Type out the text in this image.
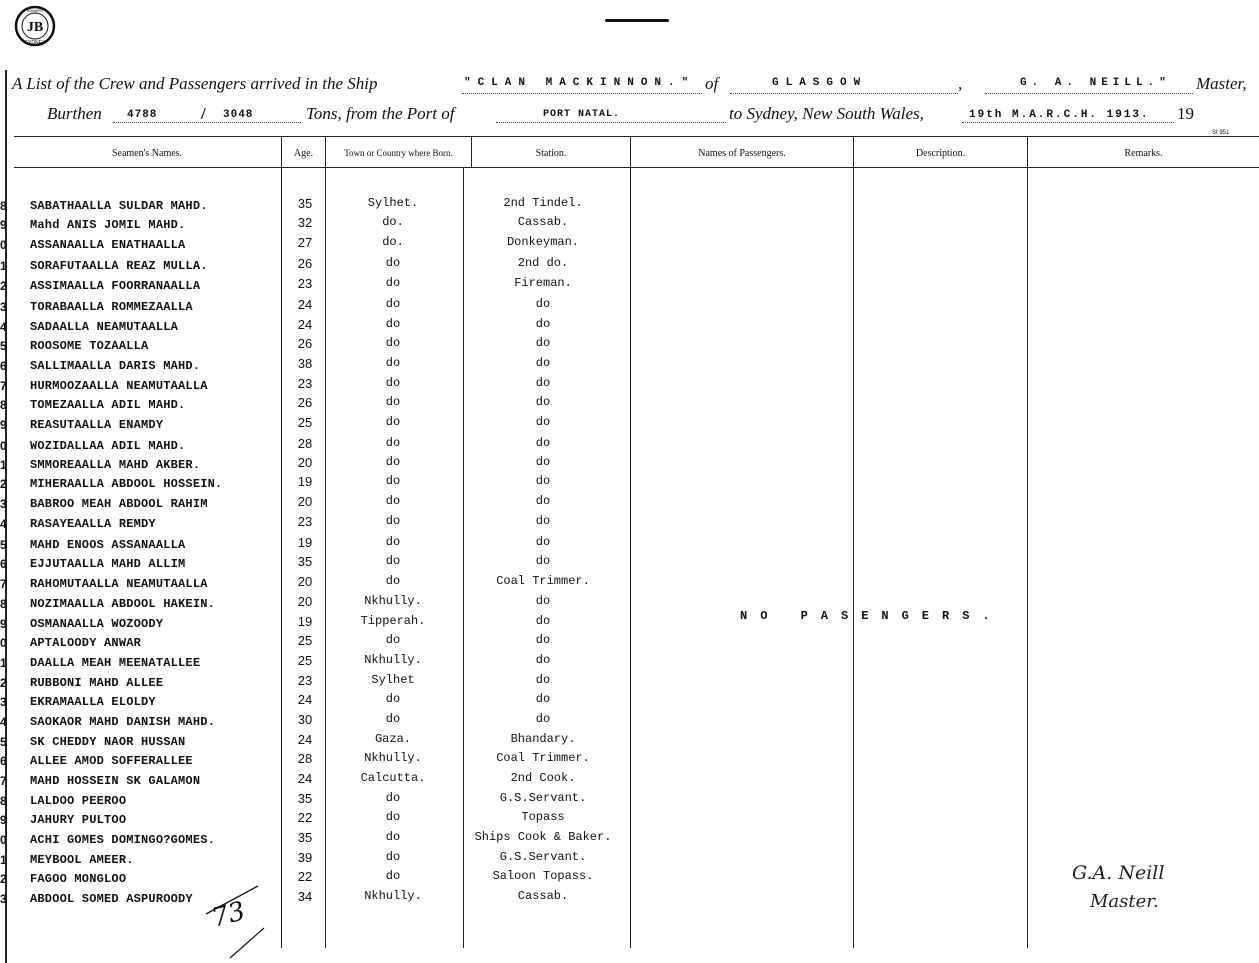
JB
SYDNEY
INWARD
A List of the Crew and Passengers arrived in the Ship	"CLAN MACKINNON." of	GLASGOW	,	G. A. NEILL." Master,
Burthen 4788	/ 3048	Tons, from the Port of	PORT NATAL.	to Sydney, New South Wales,	19th M.A.R.C.H. 1913. 19
St 951
Seamen's Names.	Age.	Town or Country where Born.	Station.	Names of Passengers.	Description.	Remarks.
8	SABATHAALLA SULDAR MAHD.	35	Sylhet.	2nd Tindel.
9	Mahd ANIS JOMIL MAHD.	32	do.	Cassab.
0	ASSANAALLA ENATHAALLA	27	do.	Donkeyman.
1	SORAFUTAALLA REAZ MULLA.	26	do	2nd do.
2	ASSIMAALLA FOORRANAALLA	23	do	Fireman.
3	TORABAALLA ROMMEZAALLA	24	do	do
4	SADAALLA NEAMUTAALLA	24	do	do
5	ROOSOME TOZAALLA	26	do	do
6	SALLIMAALLA DARIS MAHD.	38	do	do
7	HURMOOZAALLA NEAMUTAALLA	23	do	do
8	TOMEZAALLA ADIL MAHD.	26	do	do
9	REASUTAALLA ENAMDY	25	do	do
0	WOZIDALLAA ADIL MAHD.	28	do	do
1	SMMOREAALLA MAHD AKBER.	20	do	do
2	MIHERAALLA ABDOOL HOSSEIN.	19	do	do
3	BABROO MEAH ABDOOL RAHIM	20	do	do
4	RASAYEAALLA REMDY	23	do	do
5	MAHD ENOOS ASSANAALLA	19	do	do
6	EJJUTAALLA MAHD ALLIM	35	do	do
7	RAHOMUTAALLA NEAMUTAALLA	20	do	Coal Trimmer.
8	NOZIMAALLA ABDOOL HAKEIN.	20	Nkhully.	do
9	OSMANAALLA WOZOODY	19	Tipperah.	do
0	APTALOODY ANWAR	25	do	do
1	DAALLA MEAH MEENATALLEE	25	Nkhully.	do
2	RUBBONI MAHD ALLEE	23	Sylhet	do
3	EKRAMAALLA ELOLDY	24	do	do
4	SAOKAOR MAHD DANISH MAHD.	30	do	do
5	SK CHEDDY NAOR HUSSAN	24	Gaza.	Bhandary.
6	ALLEE AMOD SOFFERALLEE	28	Nkhully.	Coal Trimmer.
7	MAHD HOSSEIN SK GALAMON	24	Calcutta.	2nd Cook.
8	LALDOO PEEROO	35	do	G.S.Servant.
9	JAHURY PULTOO	22	do	Topass
0	ACHI GOMES DOMINGO?GOMES.	35	do	Ships Cook & Baker.
1	MEYBOOL AMEER.	39	do	G.S.Servant.
2	FAGOO MONGLOO	22	do	Saloon Topass.
3	ABDOOL SOMED ASPUROODY	34	Nkhully.	Cassab.
NO PASENGERS.
G.A. Neill
Master.
73
